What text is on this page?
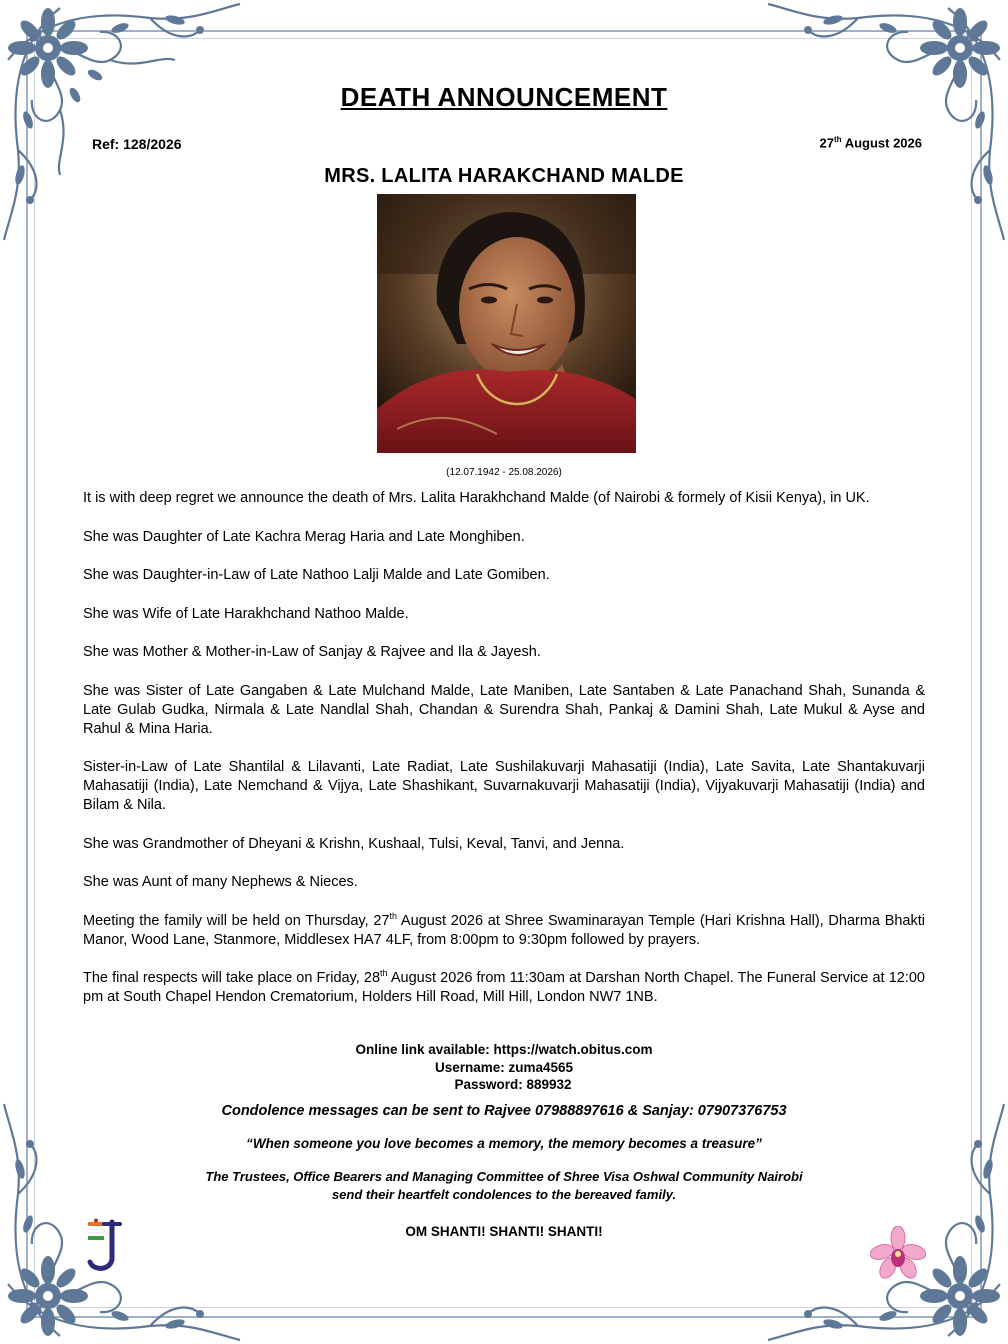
DEATH ANNOUNCEMENT
Ref: 128/2026	27th August 2026
MRS. LALITA HARAKCHAND MALDE
(12.07.1942 - 25.08.2026)

It is with deep regret we announce the death of Mrs. Lalita Harakhchand Malde (of Nairobi & formely of Kisii Kenya), in UK.

She was Daughter of Late Kachra Merag Haria and Late Monghiben.

She was Daughter-in-Law of Late Nathoo Lalji Malde and Late Gomiben.

She was Wife of Late Harakhchand Nathoo Malde.

She was Mother & Mother-in-Law of Sanjay & Rajvee and Ila & Jayesh.

She was Sister of Late Gangaben & Late Mulchand Malde, Late Maniben, Late Santaben & Late Panachand Shah, Sunanda & Late Gulab Gudka, Nirmala & Late Nandlal Shah, Chandan & Surendra Shah, Pankaj & Damini Shah, Late Mukul & Ayse and Rahul & Mina Haria.

Sister-in-Law of Late Shantilal & Lilavanti, Late Radiat, Late Sushilakuvarji Mahasatiji (India), Late Savita, Late Shantakuvarji Mahasatiji (India), Late Nemchand & Vijya, Late Shashikant, Suvarnakuvarji Mahasatiji (India), Vijyakuvarji Mahasatiji (India) and Bilam & Nila.

She was Grandmother of Dheyani & Krishn, Kushaal, Tulsi, Keval, Tanvi, and Jenna.

She was Aunt of many Nephews & Nieces.

Meeting the family will be held on Thursday, 27th August 2026 at Shree Swaminarayan Temple (Hari Krishna Hall), Dharma Bhakti Manor, Wood Lane, Stanmore, Middlesex HA7 4LF, from 8:00pm to 9:30pm followed by prayers.

The final respects will take place on Friday, 28th August 2026 from 11:30am at Darshan North Chapel. The Funeral Service at 12:00 pm at South Chapel Hendon Crematorium, Holders Hill Road, Mill Hill, London NW7 1NB.

Online link available: https://watch.obitus.com
Username: zuma4565
Password: 889932
Condolence messages can be sent to Rajvee 07988897616 & Sanjay: 07907376753
“When someone you love becomes a memory, the memory becomes a treasure”
The Trustees, Office Bearers and Managing Committee of Shree Visa Oshwal Community Nairobi
send their heartfelt condolences to the bereaved family.
OM SHANTI! SHANTI! SHANTI!
